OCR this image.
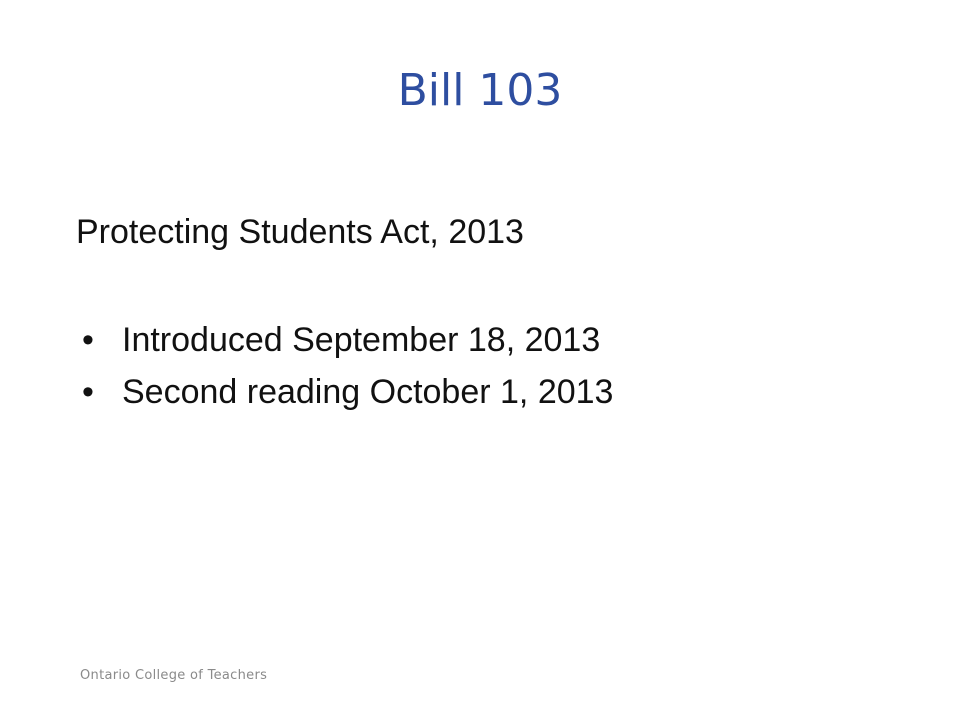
Bill 103

Protecting Students Act, 2013

• Introduced September 18, 2013
• Second reading October 1, 2013
Ontario College of Teachers
